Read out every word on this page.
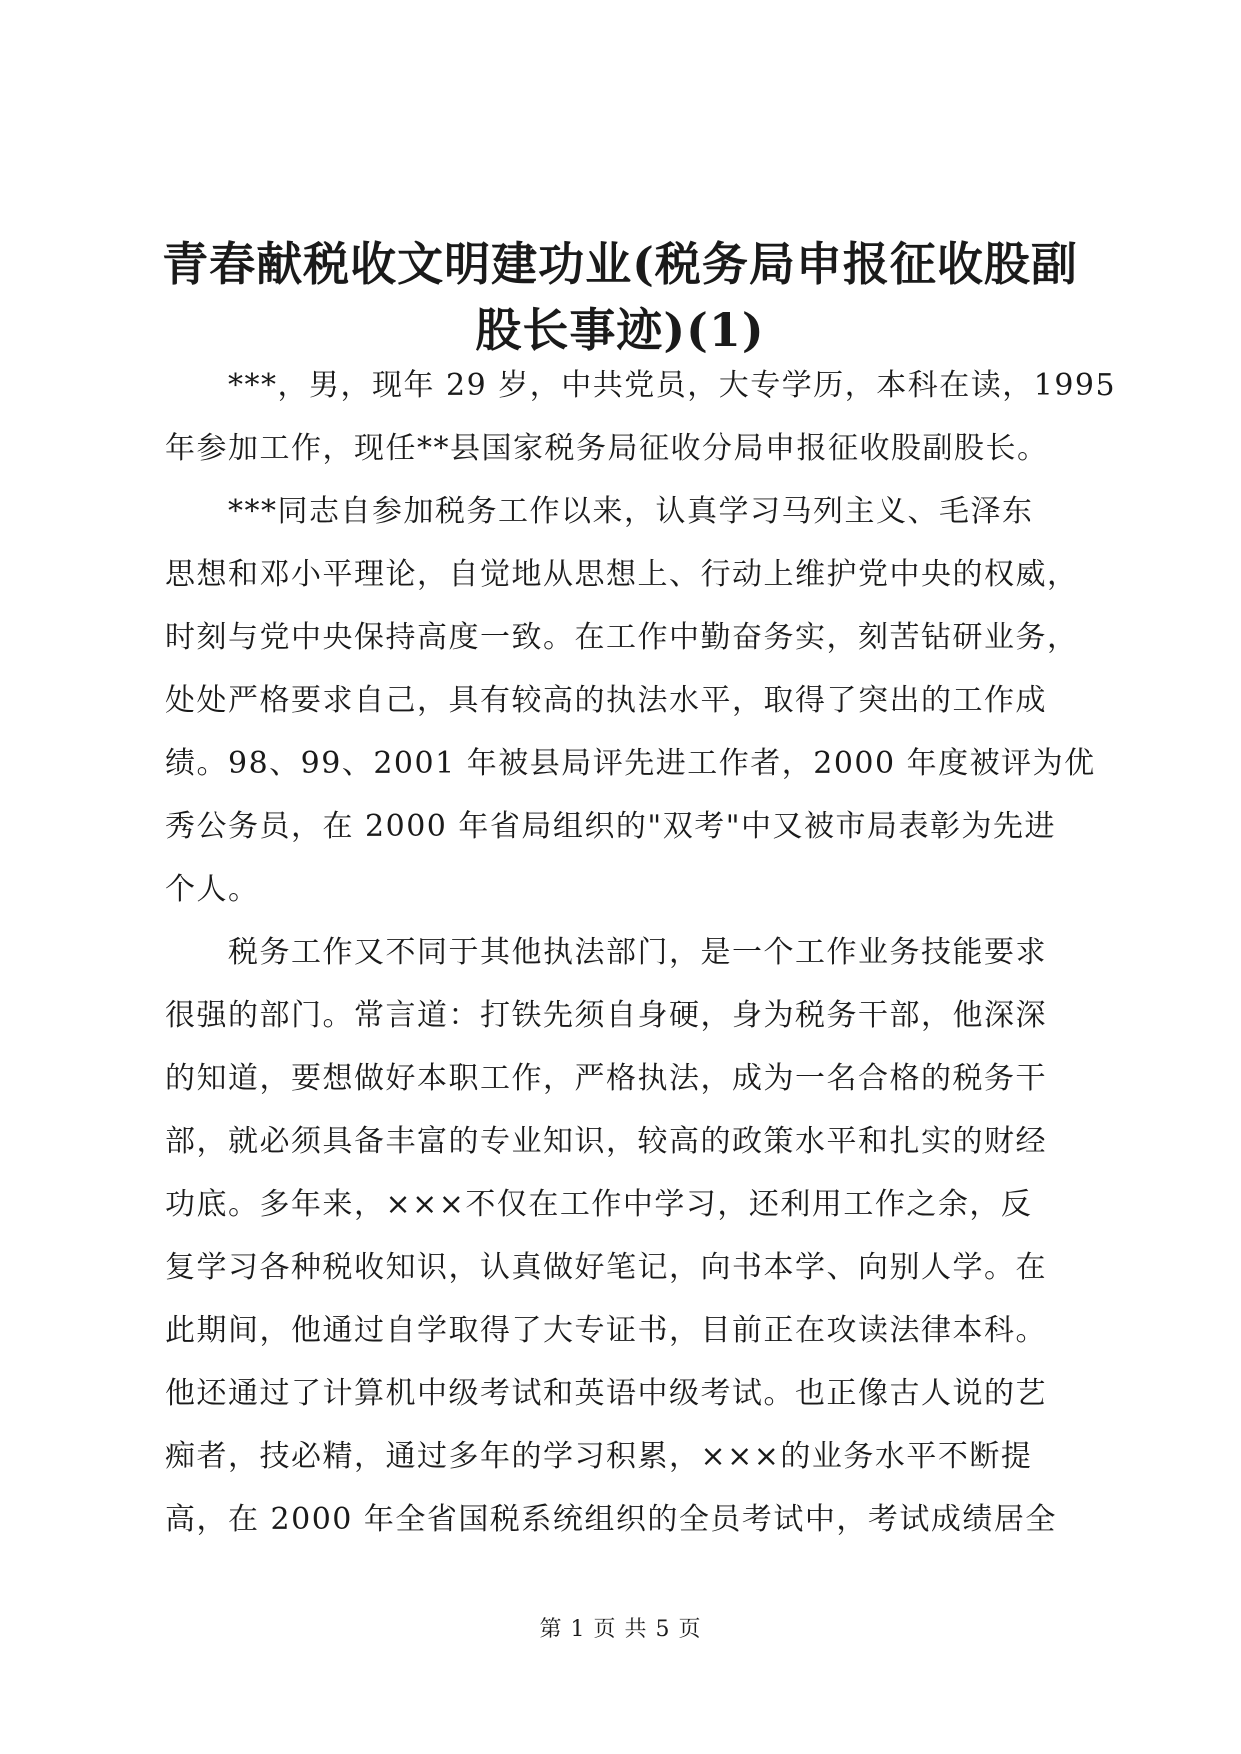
青春献税收文明建功业(税务局申报征收股副
股长事迹)(1)
　　***，男，现年 29 岁，中共党员，大专学历，本科在读，1995
年参加工作，现任**县国家税务局征收分局申报征收股副股长。
　　***同志自参加税务工作以来，认真学习马列主义、毛泽东
思想和邓小平理论，自觉地从思想上、行动上维护党中央的权威，
时刻与党中央保持高度一致。在工作中勤奋务实，刻苦钻研业务，
处处严格要求自己，具有较高的执法水平，取得了突出的工作成
绩。98、99、2001 年被县局评先进工作者，2000 年度被评为优
秀公务员，在 2000 年省局组织的"双考"中又被市局表彰为先进
个人。
　　税务工作又不同于其他执法部门，是一个工作业务技能要求
很强的部门。常言道：打铁先须自身硬，身为税务干部，他深深
的知道，要想做好本职工作，严格执法，成为一名合格的税务干
部，就必须具备丰富的专业知识，较高的政策水平和扎实的财经
功底。多年来，×××不仅在工作中学习，还利用工作之余，反
复学习各种税收知识，认真做好笔记，向书本学、向别人学。在
此期间，他通过自学取得了大专证书，目前正在攻读法律本科。
他还通过了计算机中级考试和英语中级考试。也正像古人说的艺
痴者，技必精，通过多年的学习积累，×××的业务水平不断提
高，在 2000 年全省国税系统组织的全员考试中，考试成绩居全
第 1 页 共 5 页
